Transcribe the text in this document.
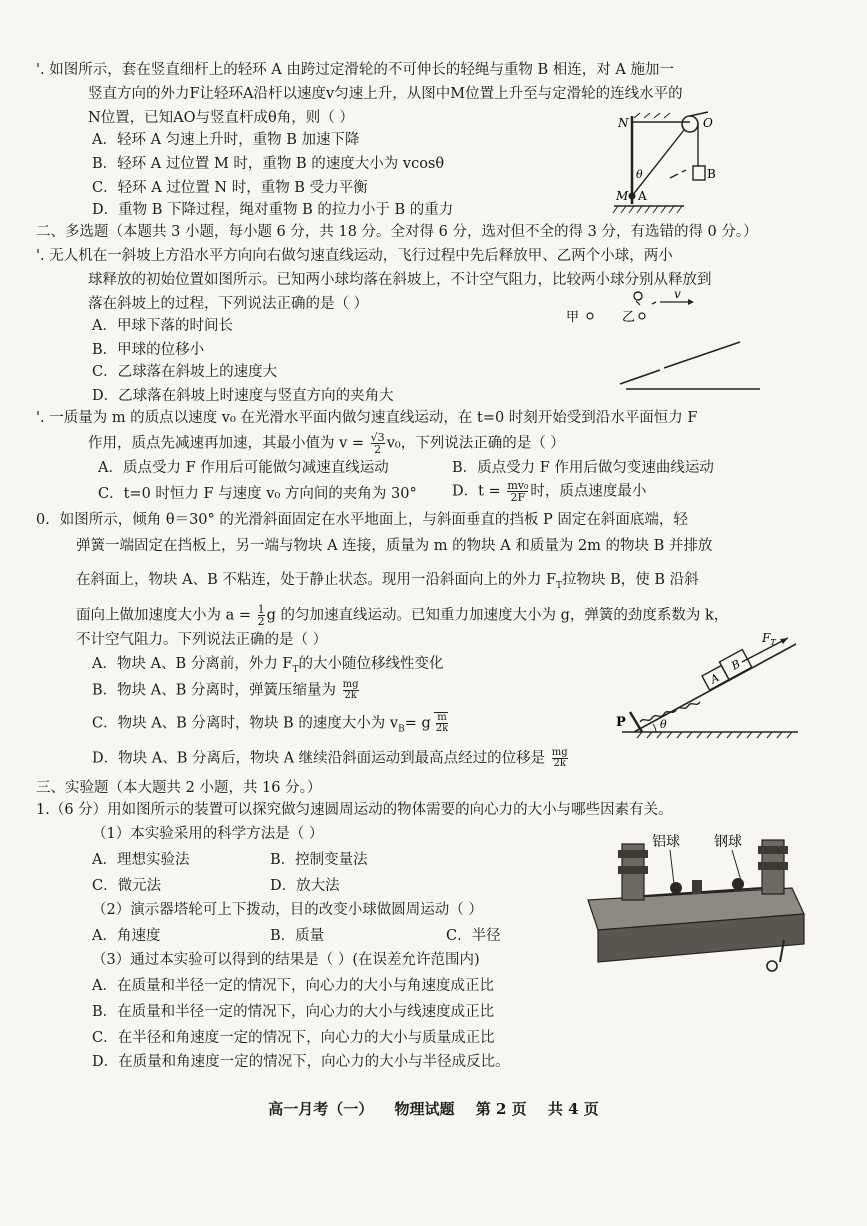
'. 如图所示，套在竖直细杆上的轻环 A 由跨过定滑轮的不可伸长的轻绳与重物 B 相连，对 A 施加一
竖直方向的外力F让轻环A沿杆以速度v匀速上升，从图中M位置上升至与定滑轮的连线水平的
N位置，已知AO与竖直杆成θ角，则（ ）
A．轻环 A 匀速上升时，重物 B 加速下降
B．轻环 A 过位置 M 时，重物 B 的速度大小为 vcosθ
C．轻环 A 过位置 N 时，重物 B 受力平衡
D．重物 B 下降过程，绳对重物 B 的拉力小于 B 的重力
N	O
B
M A
θ
二、多选题（本题共 3 小题，每小题 6 分，共 18 分。全对得 6 分，选对但不全的得 3 分，有选错的得 0 分。）
'. 无人机在一斜坡上方沿水平方向向右做匀速直线运动，飞行过程中先后释放甲、乙两个小球，两小
球释放的初始位置如图所示。已知两小球均落在斜坡上，不计空气阻力，比较两小球分别从释放到
落在斜坡上的过程，下列说法正确的是（ ）
A．甲球下落的时间长
B．甲球的位移小
C．乙球落在斜坡上的速度大
D．乙球落在斜坡上时速度与竖直方向的夹角大
v
甲	乙
'. 一质量为 m 的质点以速度 v₀ 在光滑水平面内做匀速直线运动，在 t=0 时刻开始受到沿水平面恒力 F
作用，质点先减速再加速，其最小值为 $v = \frac{√3}{2} v_0$，下列说法正确的是（ ）
A．质点受力 F 作用后可能做匀减速直线运动	B．质点受力 F 作用后做匀变速曲线运动
C．t=0 时恒力 F 与速度 v₀ 方向间的夹角为 30° D．$t = \frac{\text{mv₀}}{2F}$ 时，质点速度最小
0．如图所示，倾角 θ＝30° 的光滑斜面固定在水平地面上，与斜面垂直的挡板 P 固定在斜面底端，轻
弹簧一端固定在挡板上，另一端与物块 A 连接，质量为 m 的物块 A 和质量为 2m 的物块 B 并排放
在斜面上，物块 A、B 不粘连，处于静止状态。现用一沿斜面向上的外力 $F_T$拉物块 B，使 B 沿斜
面向上做加速度大小为 $a = \frac{1}{2}$ g 的匀加速直线运动。已知重力加速度大小为 g，弹簧的劲度系数为 k，
不计空气阻力。下列说法正确的是（ ）
A．物块 A、B 分离前，外力 $F_T$的大小随位移线性变化
B．物块 A、B 分离时，弹簧压缩量为 $\frac{mg}{2k}$
C．物块 A、B 分离时，物块 B 的速度大小为 $v_B= g \frac{m}{2k}$
D．物块 A、B 分离后，物块 A 继续沿斜面运动到最高点经过的位移是 $\frac{mg}{2k}$
A
B
$F_T$
P	θ
三、实验题（本大题共 2 小题，共 16 分。）
1.（6 分）用如图所示的装置可以探究做匀速圆周运动的物体需要的向心力的大小与哪些因素有关。
（1）本实验采用的科学方法是（ ）
A．理想实验法	B．控制变量法
C．微元法	D．放大法
（2）演示器塔轮可上下拨动，目的改变小球做圆周运动（ ）
A．角速度	B．质量	C．半径
（3）通过本实验可以得到的结果是（ ）(在误差允许范围内)
A．在质量和半径一定的情况下，向心力的大小与角速度成正比
B．在质量和半径一定的情况下，向心力的大小与线速度成正比
C．在半径和角速度一定的情况下，向心力的大小与质量成正比
D．在质量和角速度一定的情况下，向心力的大小与半径成反比。
铝球 钢球
高一月考（一） 物理试题 第 2 页 共 4 页
